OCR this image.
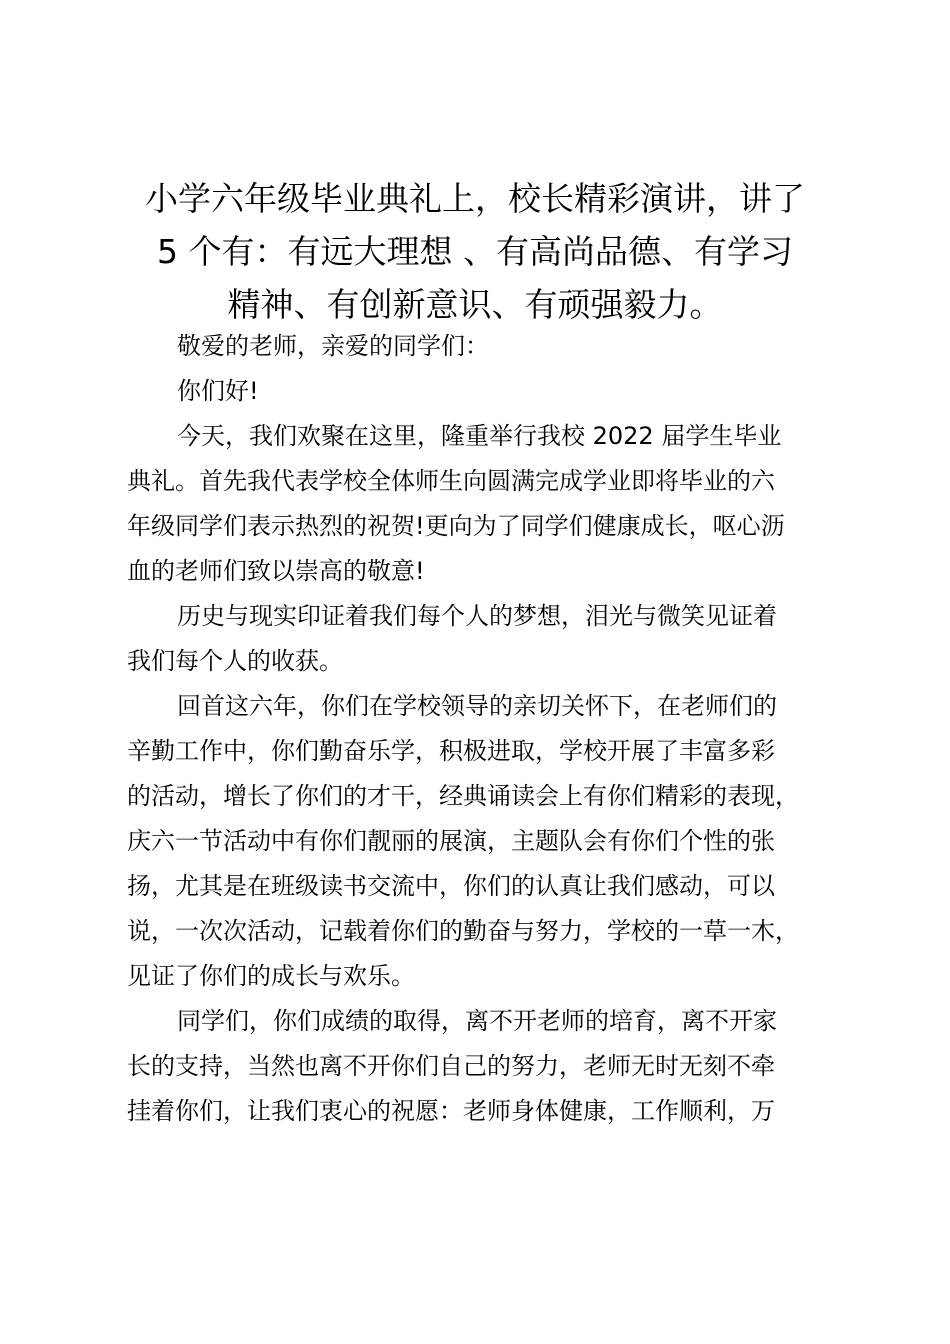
小学六年级毕业典礼上，校长精彩演讲，讲了
5 个有：有远大理想 、有高尚品德、有学习
精神、有创新意识、有顽强毅力。

敬爱的老师，亲爱的同学们：

你们好!

今天，我们欢聚在这里，隆重举行我校 2022 届学生毕业
典礼。首先我代表学校全体师生向圆满完成学业即将毕业的六
年级同学们表示热烈的祝贺!更向为了同学们健康成长，呕心沥
血的老师们致以崇高的敬意!

历史与现实印证着我们每个人的梦想，泪光与微笑见证着
我们每个人的收获。

回首这六年，你们在学校领导的亲切关怀下，在老师们的
辛勤工作中，你们勤奋乐学，积极进取，学校开展了丰富多彩
的活动，增长了你们的才干，经典诵读会上有你们精彩的表现，
庆六一节活动中有你们靓丽的展演，主题队会有你们个性的张
扬，尤其是在班级读书交流中，你们的认真让我们感动，可以
说，一次次活动，记载着你们的勤奋与努力，学校的一草一木，
见证了你们的成长与欢乐。

同学们，你们成绩的取得，离不开老师的培育，离不开家
长的支持，当然也离不开你们自己的努力，老师无时无刻不牵
挂着你们，让我们衷心的祝愿：老师身体健康，工作顺利，万
